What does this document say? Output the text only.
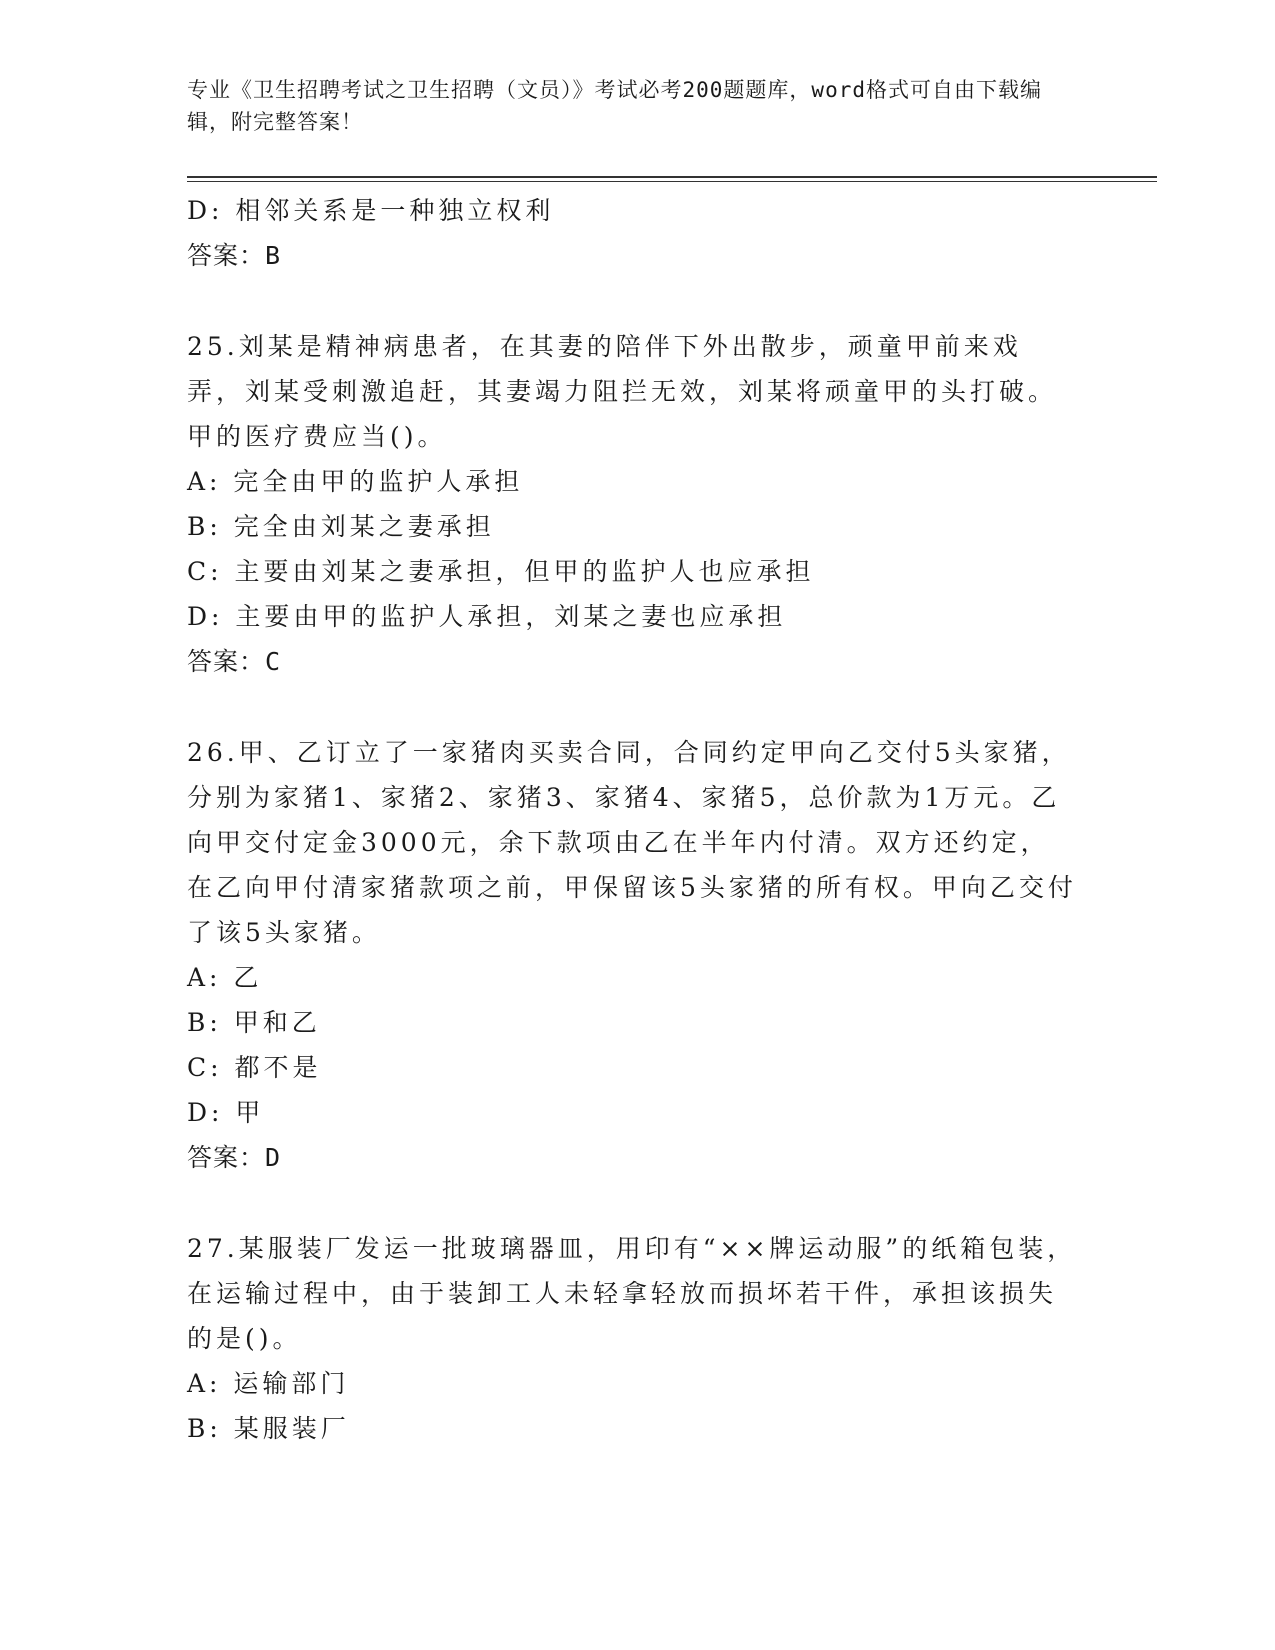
专业《卫生招聘考试之卫生招聘（文员）》考试必考200题题库，word格式可自由下载编辑，附完整答案！

D: 相邻关系是一种独立权利

答案：B

25.刘某是精神病患者，在其妻的陪伴下外出散步，顽童甲前来戏弄，刘某受刺激追赶，其妻竭力阻拦无效，刘某将顽童甲的头打破。甲的医疗费应当()。

A: 完全由甲的监护人承担

B: 完全由刘某之妻承担

C: 主要由刘某之妻承担，但甲的监护人也应承担

D: 主要由甲的监护人承担，刘某之妻也应承担

答案：C

26.甲、乙订立了一家猪肉买卖合同，合同约定甲向乙交付5头家猪，分别为家猪1、家猪2、家猪3、家猪4、家猪5，总价款为1万元。乙向甲交付定金3000元，余下款项由乙在半年内付清。双方还约定，在乙向甲付清家猪款项之前，甲保留该5头家猪的所有权。甲向乙交付了该5头家猪。

A: 乙

B: 甲和乙

C: 都不是

D: 甲

答案：D

27.某服装厂发运一批玻璃器皿，用印有“××牌运动服”的纸箱包装，在运输过程中，由于装卸工人未轻拿轻放而损坏若干件，承担该损失的是()。

A: 运输部门

B: 某服装厂
